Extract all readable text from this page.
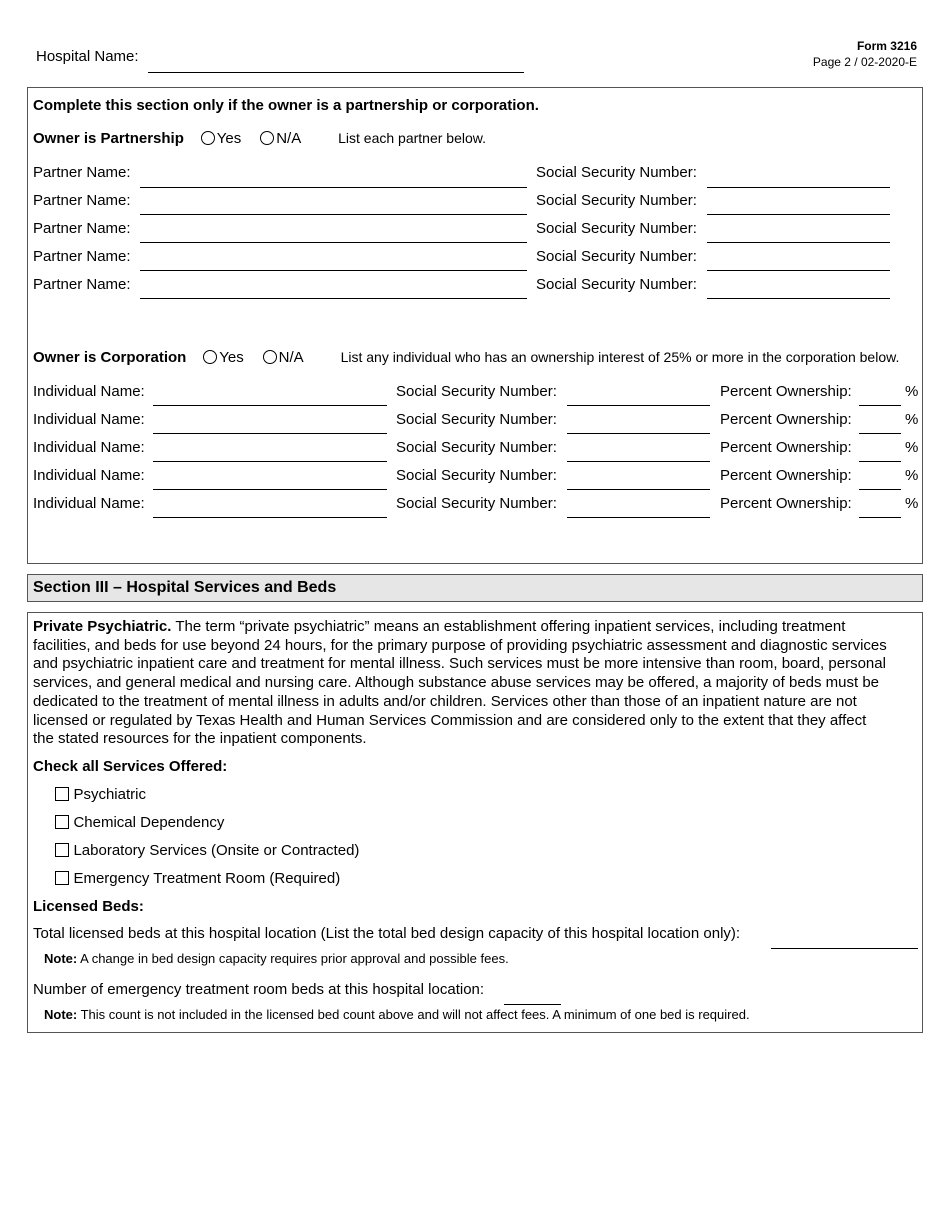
Hospital Name:
Form 3216
Page 2 / 02-2020-E
Complete this section only if the owner is a partnership or corporation.
Owner is Partnership Yes N/A	List each partner below.
Partner Name:	Social Security Number:
Partner Name:	Social Security Number:
Partner Name:	Social Security Number:
Partner Name:	Social Security Number:
Partner Name:	Social Security Number:
Owner is Corporation Yes N/A	List any individual who has an ownership interest of 25% or more in the corporation below.
Individual Name:	Social Security Number:	Percent Ownership:	%
Individual Name:	Social Security Number:	Percent Ownership:	%
Individual Name:	Social Security Number:	Percent Ownership:	%
Individual Name:	Social Security Number:	Percent Ownership:	%
Individual Name:	Social Security Number:	Percent Ownership:	%
Section III – Hospital Services and Beds
Private Psychiatric. The term “private psychiatric” means an establishment offering inpatient services, including treatment
facilities, and beds for use beyond 24 hours, for the primary purpose of providing psychiatric assessment and diagnostic services
and psychiatric inpatient care and treatment for mental illness. Such services must be more intensive than room, board, personal
services, and general medical and nursing care. Although substance abuse services may be offered, a majority of beds must be
dedicated to the treatment of mental illness in adults and/or children. Services other than those of an inpatient nature are not
licensed or regulated by Texas Health and Human Services Commission and are considered only to the extent that they affect
the stated resources for the inpatient components.
Check all Services Offered:
Psychiatric
Chemical Dependency
Laboratory Services (Onsite or Contracted)
Emergency Treatment Room (Required)
Licensed Beds:
Total licensed beds at this hospital location (List the total bed design capacity of this hospital location only):
Note: A change in bed design capacity requires prior approval and possible fees.
Number of emergency treatment room beds at this hospital location:
Note: This count is not included in the licensed bed count above and will not affect fees. A minimum of one bed is required.
